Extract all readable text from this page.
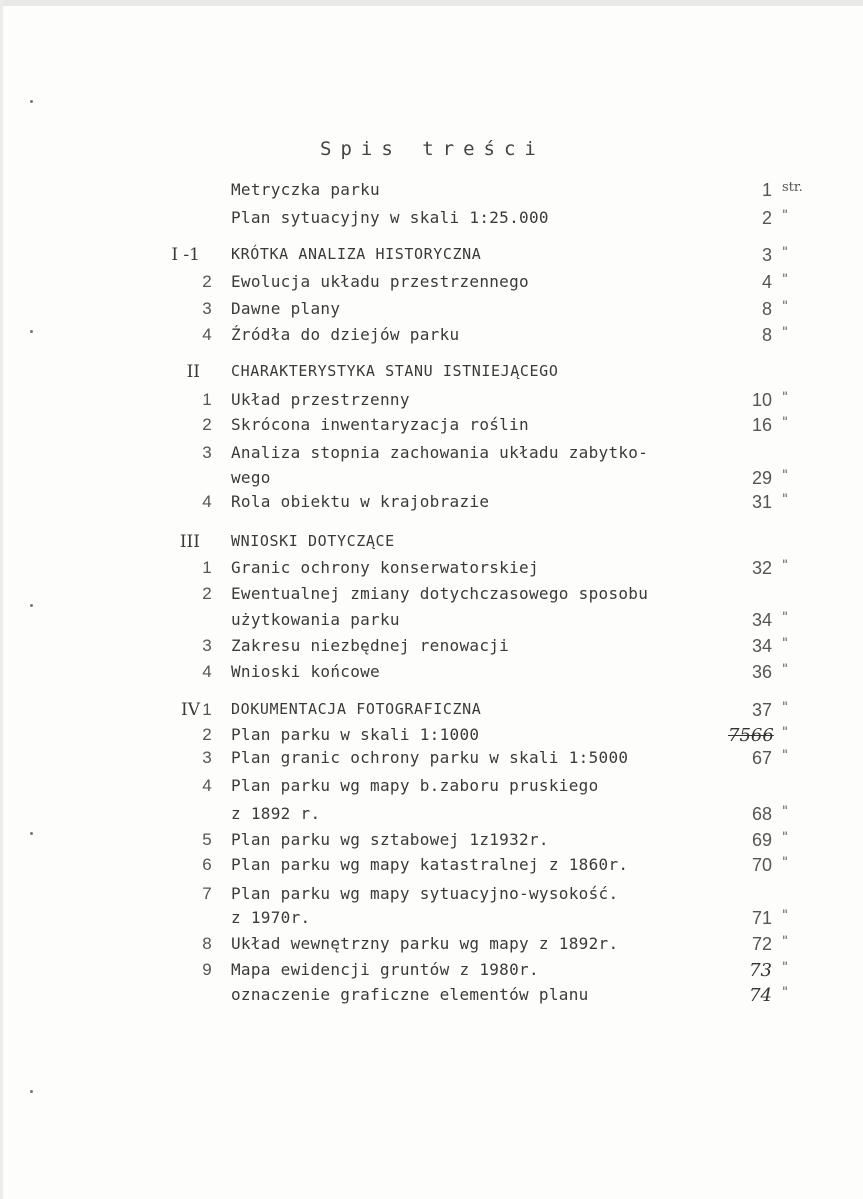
Spis treści
Metryczka parku	1 str.
Plan sytuacyjny w skali 1:25.000	2 "
I -1 KRÓTKA ANALIZA HISTORYCZNA	3 "
2 Ewolucja układu przestrzennego	4 "
3 Dawne plany	8 "
4 Źródła do dziejów parku	8 "
II CHARAKTERYSTYKA STANU ISTNIEJĄCEGO
1 Układ przestrzenny	10 "
2 Skrócona inwentaryzacja roślin	16 "
3 Analiza stopnia zachowania układu zabytko-
wego	29 "
4 Rola obiektu w krajobrazie	31 "
III WNIOSKI DOTYCZĄCE
1 Granic ochrony konserwatorskiej	32 "
2 Ewentualnej zmiany dotychczasowego sposobu
użytkowania parku	34 "
3 Zakresu niezbędnej renowacji	34 "
4 Wnioski końcowe	36 "
IV 1 DOKUMENTACJA FOTOGRAFICZNA	37 "
2 Plan parku w skali 1:1000	7566 "
3 Plan granic ochrony parku w skali 1:5000	67 "
4 Plan parku wg mapy b.zaboru pruskiego
z 1892 r.	68 "
5 Plan parku wg sztabowej 1z1932r.	69 "
6 Plan parku wg mapy katastralnej z 1860r.	70 "
7 Plan parku wg mapy sytuacyjno-wysokość.
z 1970r.	71 "
8 Układ wewnętrzny parku wg mapy z 1892r.	72 "
9 Mapa ewidencji gruntów z 1980r.	73 "
oznaczenie graficzne elementów planu	74 "
